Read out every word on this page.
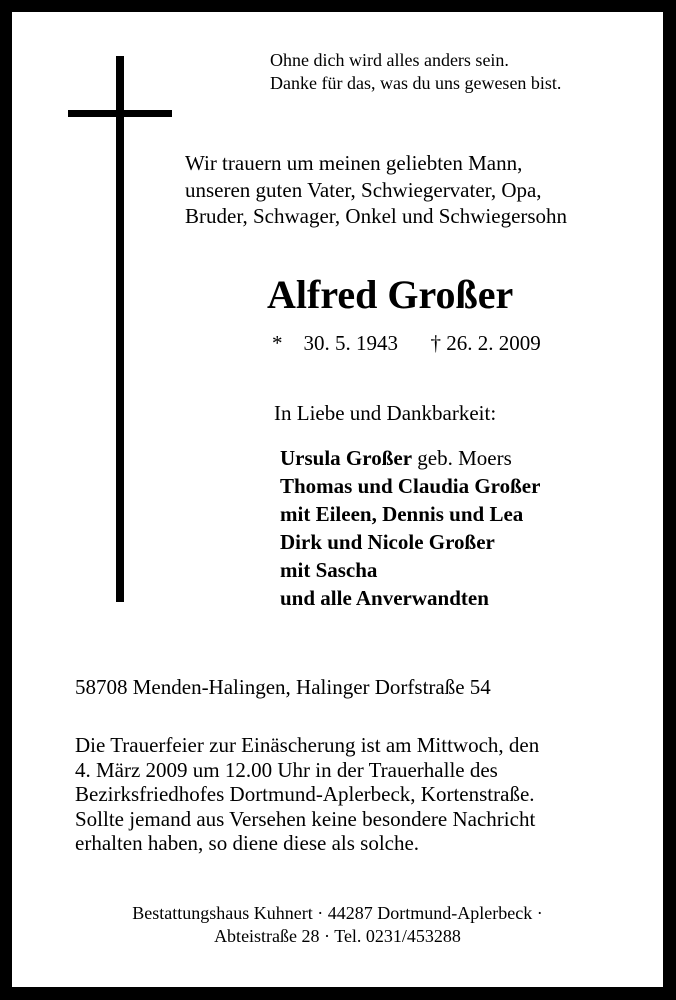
Ohne dich wird alles anders sein.
Danke für das, was du uns gewesen bist.
Wir trauern um meinen geliebten Mann,
unseren guten Vater, Schwiegervater, Opa,
Bruder, Schwager, Onkel und Schwiegersohn
Alfred Großer
* 30. 5. 1943 † 26. 2. 2009
In Liebe und Dankbarkeit:
Ursula Großer geb. Moers
Thomas und Claudia Großer
mit Eileen, Dennis und Lea
Dirk und Nicole Großer
mit Sascha
und alle Anverwandten
58708 Menden-Halingen, Halinger Dorfstraße 54
Die Trauerfeier zur Einäscherung ist am Mittwoch, den
4. März 2009 um 12.00 Uhr in der Trauerhalle des
Bezirksfriedhofes Dortmund-Aplerbeck, Kortenstraße.
Sollte jemand aus Versehen keine besondere Nachricht
erhalten haben, so diene diese als solche.
Bestattungshaus Kuhnert · 44287 Dortmund-Aplerbeck ·
Abteistraße 28 · Tel. 0231/453288
